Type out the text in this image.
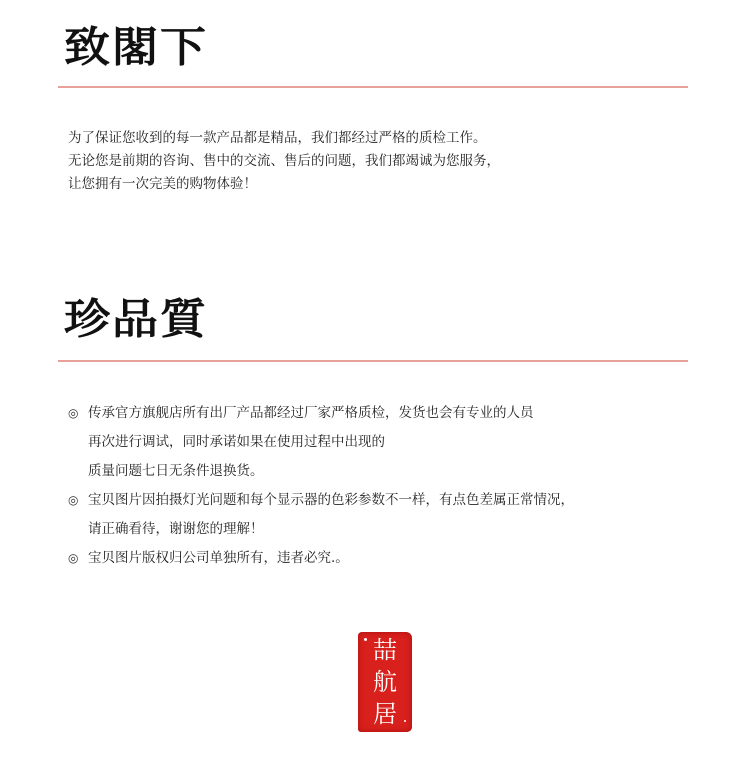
致閣下
为了保证您收到的每一款产品都是精品，我们都经过严格的质检工作。
无论您是前期的咨询、售中的交流、售后的问题，我们都竭诚为您服务，
让您拥有一次完美的购物体验！
珍品質
◎ 传承官方旗舰店所有出厂产品都经过厂家严格质检，发货也会有专业的人员
再次进行调试，同时承诺如果在使用过程中出现的
质量问题七日无条件退换货。
◎ 宝贝图片因拍摄灯光问题和每个显示器的色彩参数不一样，有点色差属正常情况，
请正确看待，谢谢您的理解！
◎ 宝贝图片版权归公司单独所有，违者必究.。
喆
航
居
